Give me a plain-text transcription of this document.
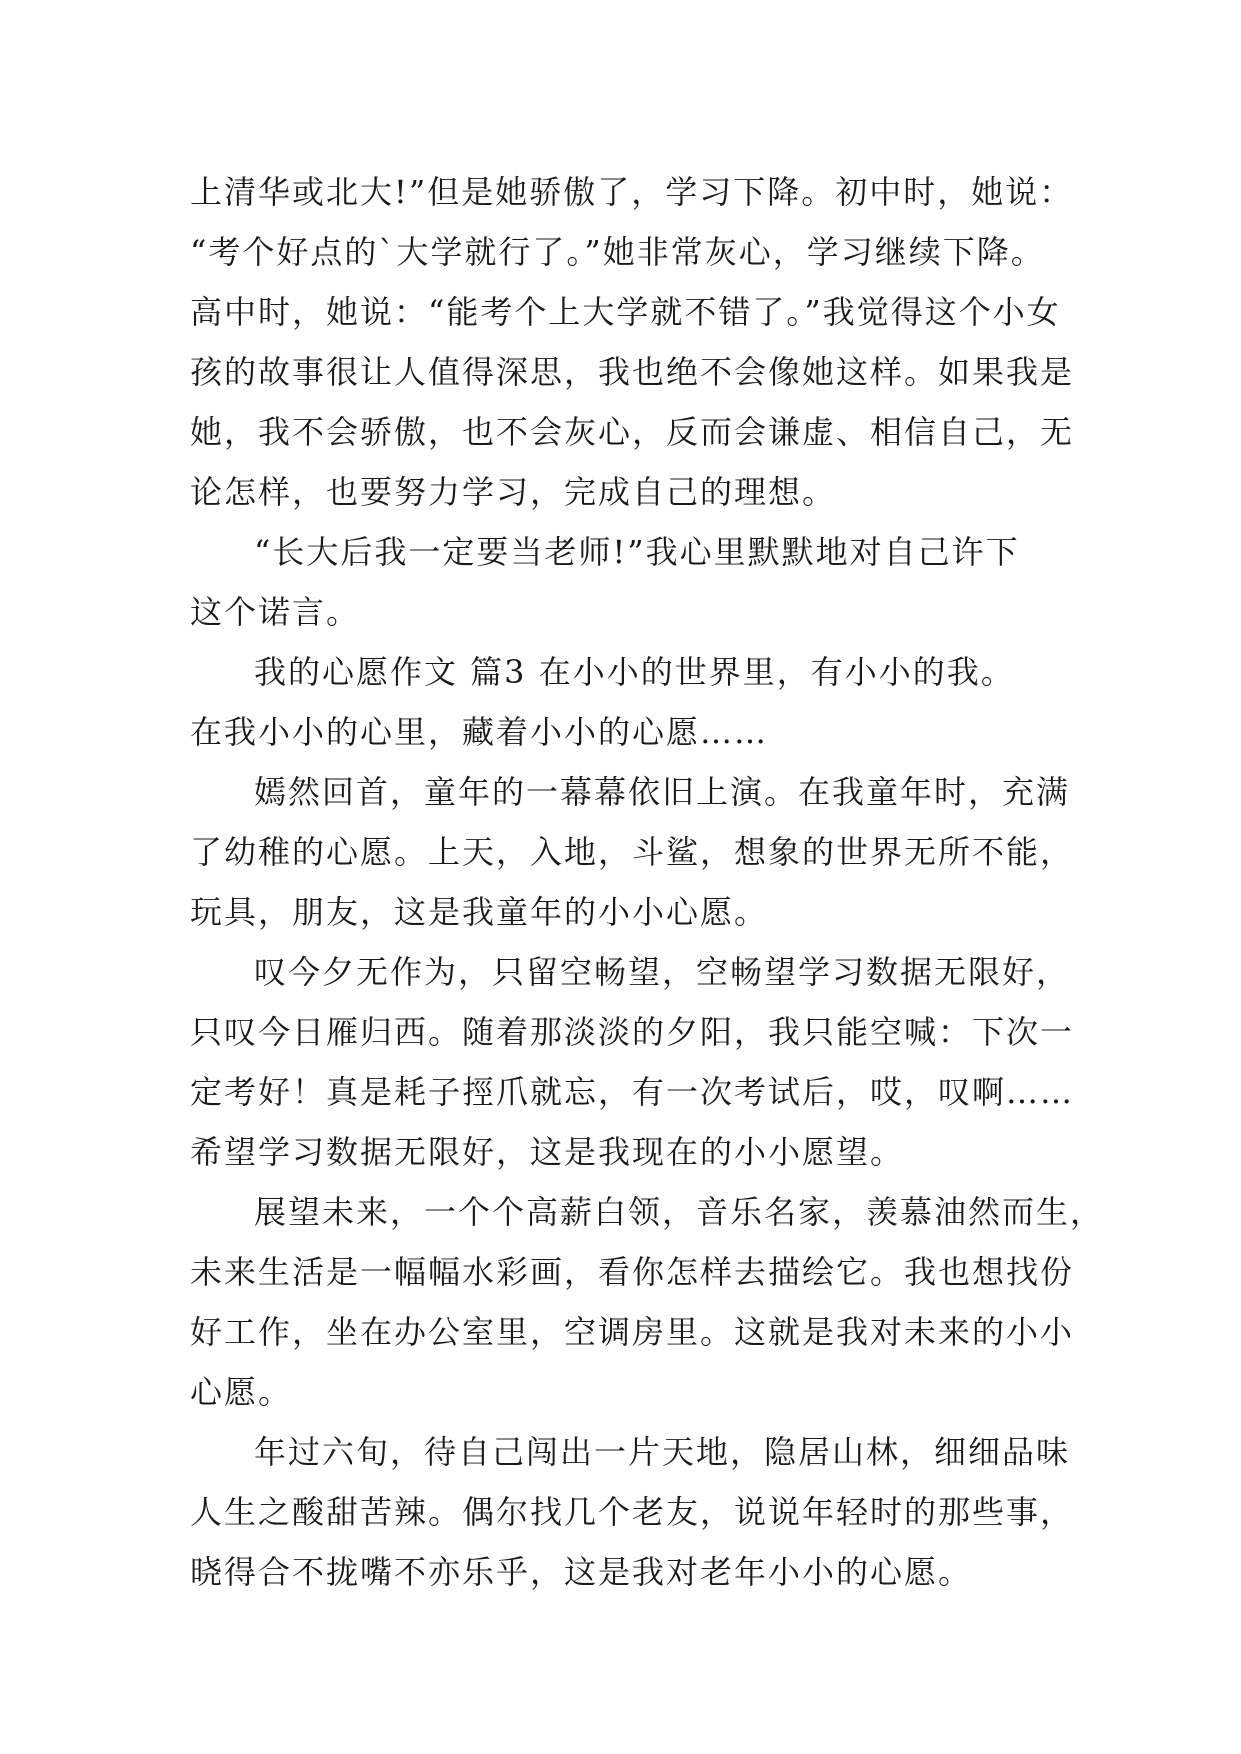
上清华或北大!”但是她骄傲了，学习下降。初中时，她说：
“考个好点的`大学就行了。”她非常灰心，学习继续下降。
高中时，她说：“能考个上大学就不错了。”我觉得这个小女
孩的故事很让人值得深思，我也绝不会像她这样。如果我是
她，我不会骄傲，也不会灰心，反而会谦虚、相信自己，无
论怎样，也要努力学习，完成自己的理想。
“长大后我一定要当老师!”我心里默默地对自己许下
这个诺言。
我的心愿作文 篇3 在小小的世界里，有小小的我。
在我小小的心里，藏着小小的心愿……
嫣然回首，童年的一幕幕依旧上演。在我童年时，充满
了幼稚的心愿。上天，入地，斗鲨，想象的世界无所不能，
玩具，朋友，这是我童年的小小心愿。
叹今夕无作为，只留空畅望，空畅望学习数据无限好，
只叹今日雁归西。随着那淡淡的夕阳，我只能空喊：下次一
定考好！真是耗子挳爪就忘，有一次考试后，哎，叹啊……
希望学习数据无限好，这是我现在的小小愿望。
展望未来，一个个高薪白领，音乐名家，羡慕油然而生，
未来生活是一幅幅水彩画，看你怎样去描绘它。我也想找份
好工作，坐在办公室里，空调房里。这就是我对未来的小小
心愿。
年过六旬，待自己闯出一片天地，隐居山林，细细品味
人生之酸甜苦辣。偶尔找几个老友，说说年轻时的那些事，
晓得合不拢嘴不亦乐乎，这是我对老年小小的心愿。
